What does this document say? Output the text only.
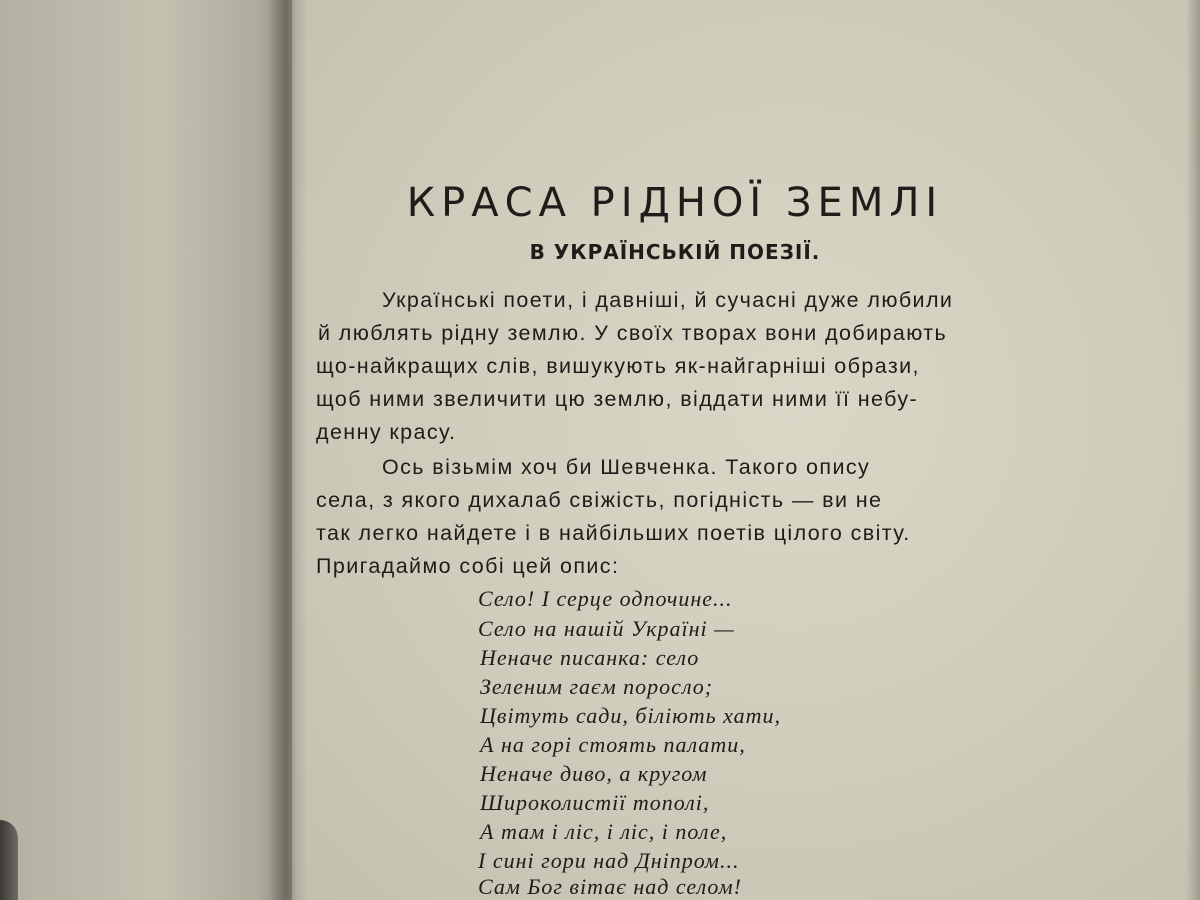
КРАСА РІДНОЇ ЗЕМЛІ
В УКРАЇНСЬКІЙ ПОЕЗІЇ.
Українські поети, і давніші, й сучасні дуже любили
й люблять рідну землю. У своїх творах вони добирають
що-найкращих слів, вишукують як-найгарніші образи,
щоб ними звеличити цю землю, віддати ними її небу-
денну красу.
Ось візьмім хоч би Шевченка. Такого опису
села, з якого дихалаб свіжість, погідність — ви не
так легко найдете і в найбільших поетів цілого світу.
Пригадаймо собі цей опис:
Село! І серце одпочине...
Село на нашій Україні —
Неначе писанка: село
Зеленим гаєм поросло;
Цвітуть сади, біліють хати,
А на горі стоять палати,
Неначе диво, а кругом
Широколистії тополі,
А там і ліс, і ліс, і поле,
І сині гори над Дніпром...
Сам Бог вітає над селом!
